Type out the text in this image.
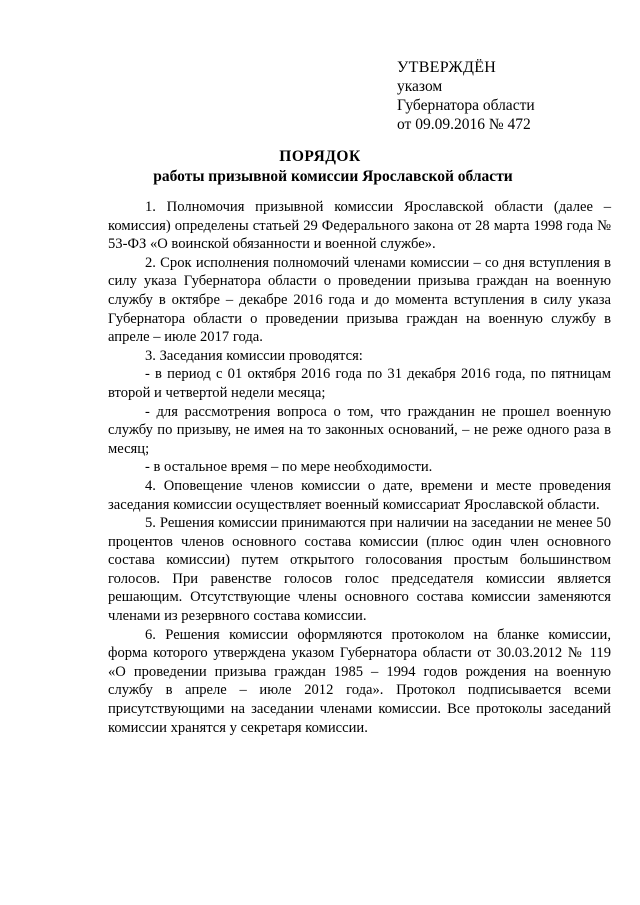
УТВЕРЖДЁН
указом
Губернатора области
от 09.09.2016 № 472
ПОРЯДОК
работы призывной комиссии Ярославской области

1. Полномочия призывной комиссии Ярославской области (далее – комиссия) определены статьей 29 Федерального закона от 28 марта 1998 года № 53-ФЗ «О воинской обязанности и военной службе».

2. Срок исполнения полномочий членами комиссии – со дня вступления в силу указа Губернатора области о проведении призыва граждан на военную службу в октябре – декабре 2016 года и до момента вступления в силу указа Губернатора области о проведении призыва граждан на военную службу в апреле – июле 2017 года.

3. Заседания комиссии проводятся:

- в период с 01 октября 2016 года по 31 декабря 2016 года, по пятницам второй и четвертой недели месяца;

- для рассмотрения вопроса о том, что гражданин не прошел военную службу по призыву, не имея на то законных оснований, – не реже одного раза в месяц;

- в остальное время – по мере необходимости.

4. Оповещение членов комиссии о дате, времени и месте проведения заседания комиссии осуществляет военный комиссариат Ярославской области.

5. Решения комиссии принимаются при наличии на заседании не менее 50 процентов членов основного состава комиссии (плюс один член основного состава комиссии) путем открытого голосования простым большинством голосов. При равенстве голосов голос председателя комиссии является решающим. Отсутствующие члены основного состава комиссии заменяются членами из резервного состава комиссии.

6. Решения комиссии оформляются протоколом на бланке комиссии, форма которого утверждена указом Губернатора области от 30.03.2012 № 119 «О проведении призыва граждан 1985 – 1994 годов рождения на военную службу в апреле – июле 2012 года». Протокол подписывается всеми присутствующими на заседании членами комиссии. Все протоколы заседаний комиссии хранятся у секретаря комиссии.
